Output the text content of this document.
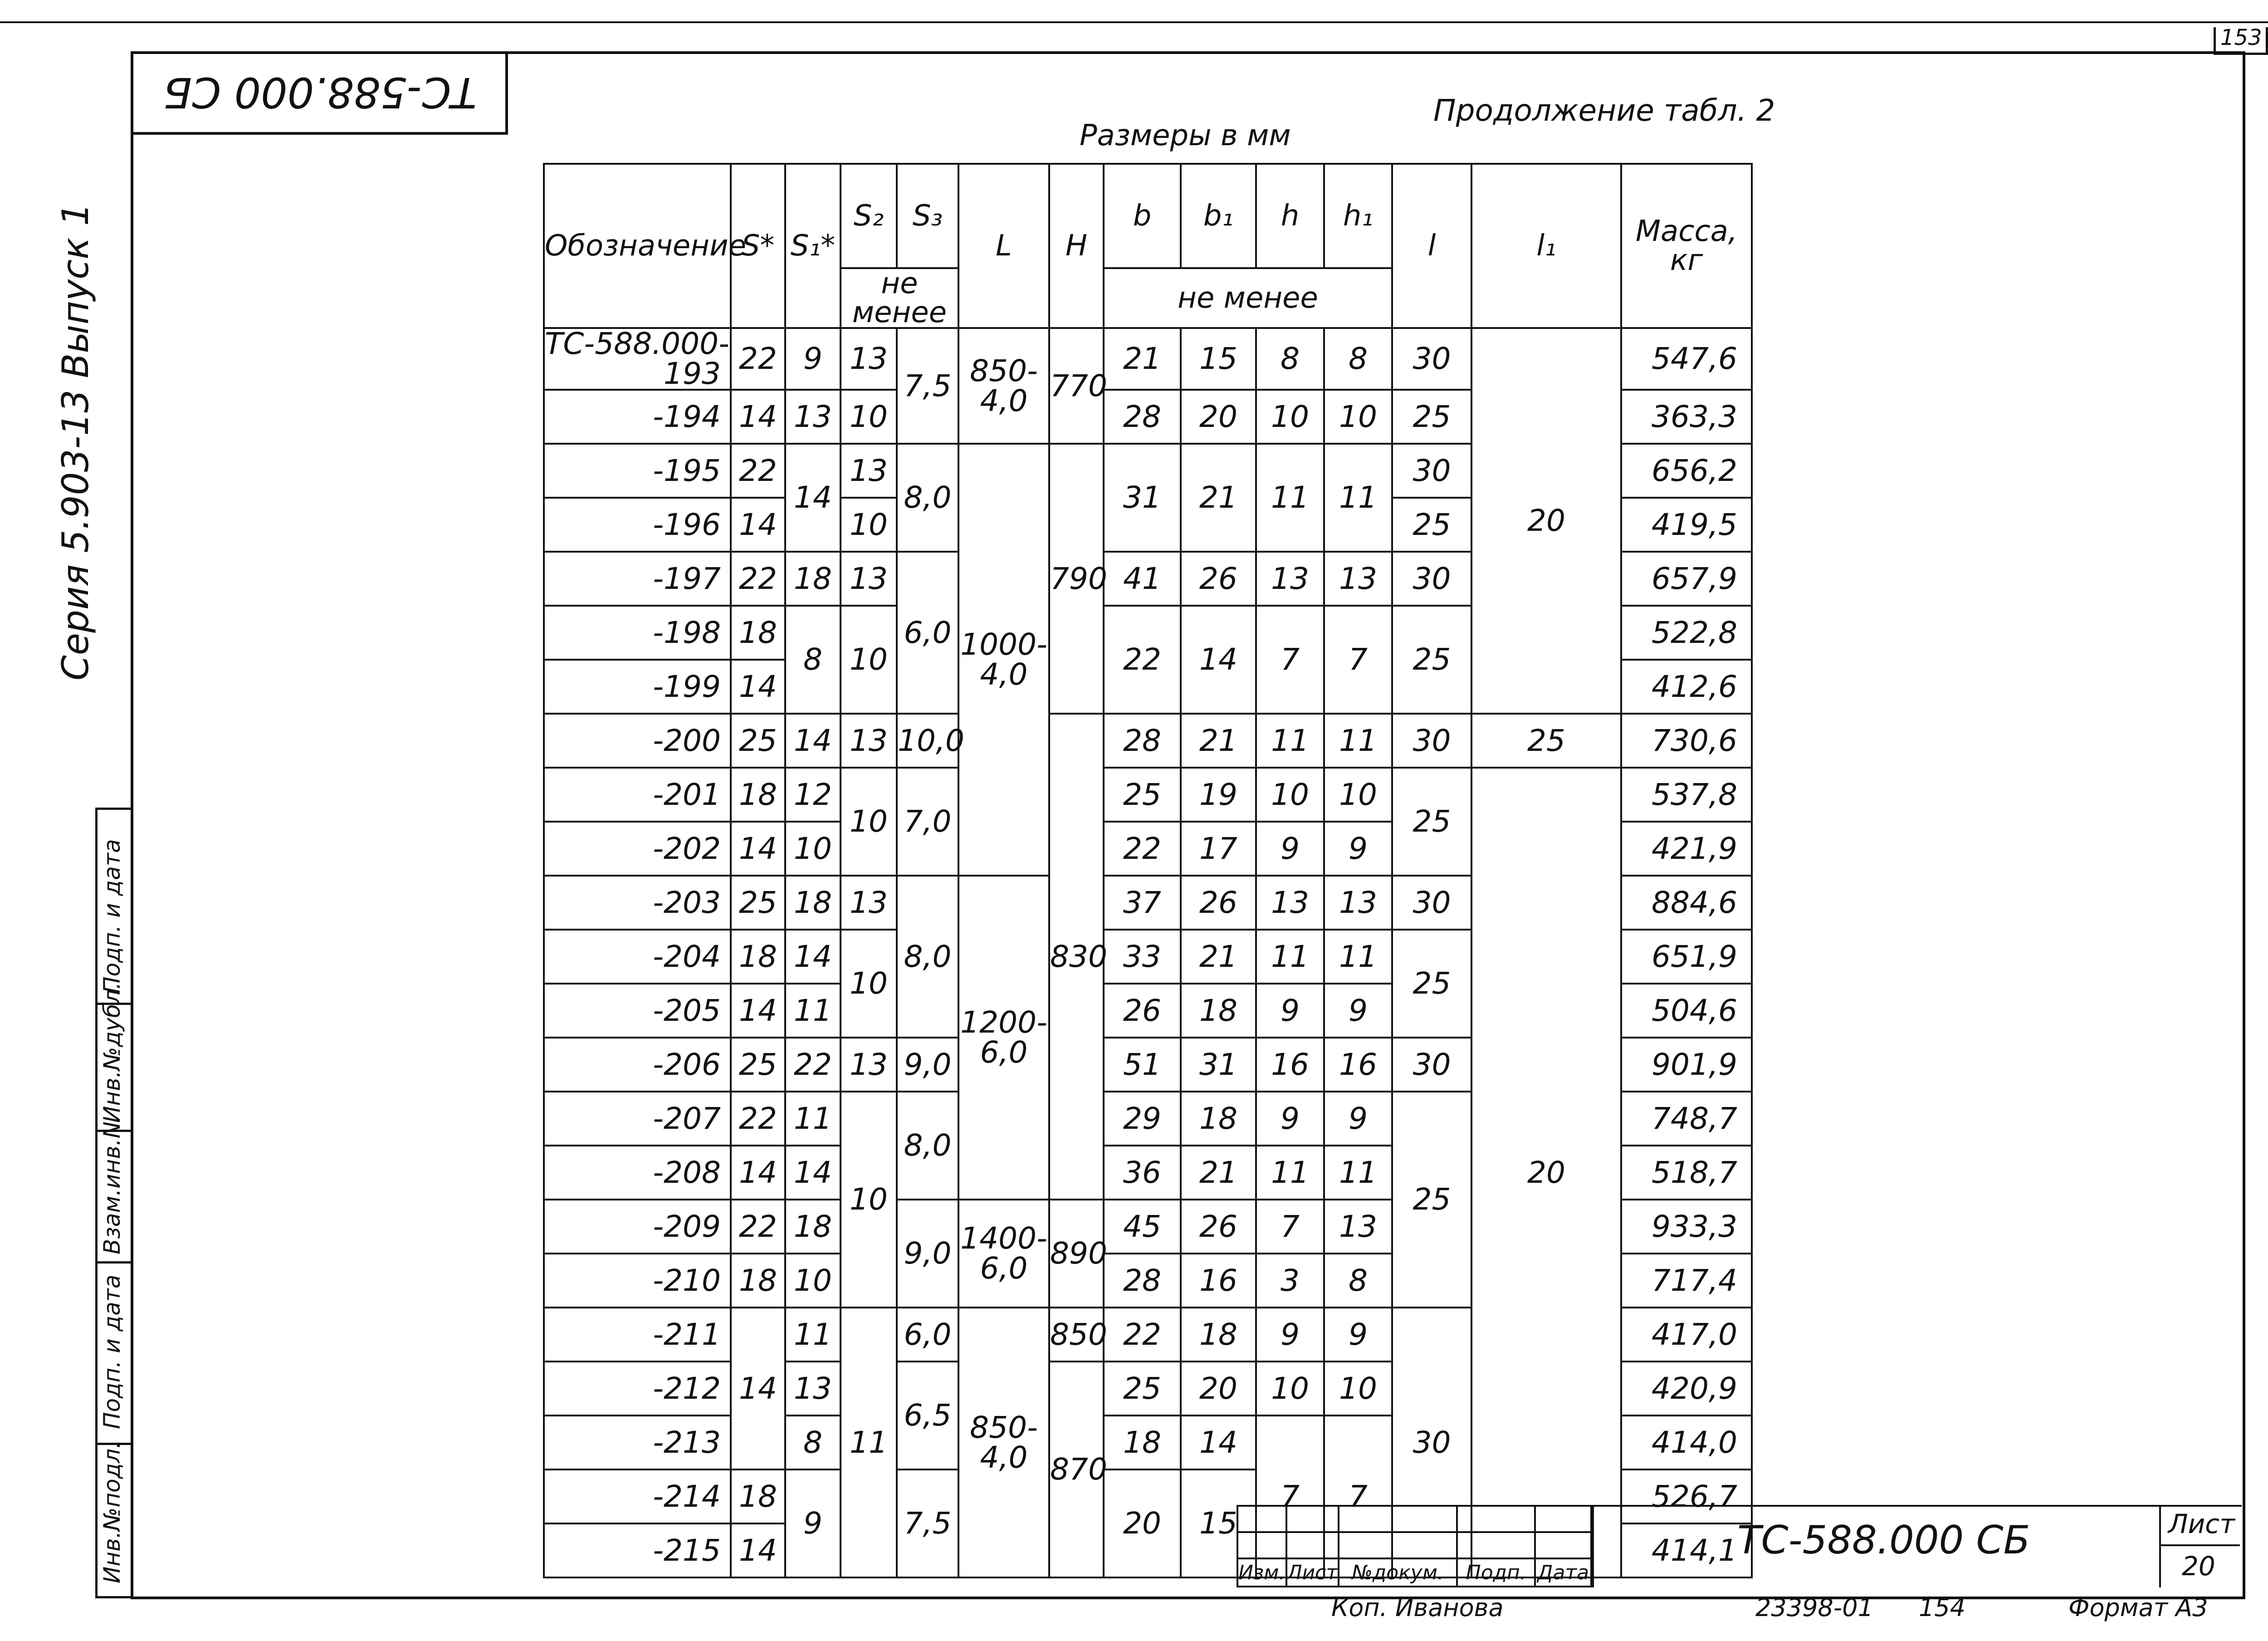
153
ТС-588.000 СБ
Серия 5.903-13 Выпуск 1
Подп. и дата
Инв.№дубл.
Взам.инв.N
Подп. и дата
Инв.№подл.
Размеры в мм
Продолжение табл. 2
Обозначение	S*	S₁*	S₂	S₃	L	H	b	b₁	h	h₁	l	l₁	Масса, кг
			не менее				не менее						
ТС-588.000-193	22	9	13	7,5	850-4,0	770	21	15	8	8	30	20	547,6
-194	14	13	10				28	20	10	10	25		363,3
-195	22	14	13	8,0	1000-4,0	790	31	21	11	11	30		656,2
-196	14		10								25		419,5
-197	22	18	13	6,0			41	26	13	13	30		657,9
-198	18	8	10				22	14	7	7	25		522,8
-199	14												412,6
-200	25	14	13	10,0		830	28	21	11	11	30	25	730,6
-201	18	12	10	7,0			25	19	10	10	25	20	537,8
-202	14	10					22	17	9	9			421,9
-203	25	18	13	8,0	1200-6,0		37	26	13	13	30		884,6
-204	18	14	10				33	21	11	11	25		651,9
-205	14	11					26	18	9	9			504,6
-206	25	22	13	9,0			51	31	16	16	30		901,9
-207	22	11	10	8,0			29	18	9	9	25		748,7
-208	14	14					36	21	11	11			518,7
-209	22	18		9,0	1400-6,0	890	45	26	7	13			933,3
-210	18	10					28	16	3	8			717,4
-211	14	11	11	6,0	850-4,0	850	22	18	9	9	30		417,0
-212		13		6,5		870	25	20	10	10			420,9
-213		8					18	14	7	7			414,0
-214	18	9		7,5			20	15					526,7
-215	14												414,1

Изм.	Лист	№докум.	Подп.	Дата
ТС-588.000 СБ	Лист
20
Коп. Иванова	23398-01 154	Формат А3
